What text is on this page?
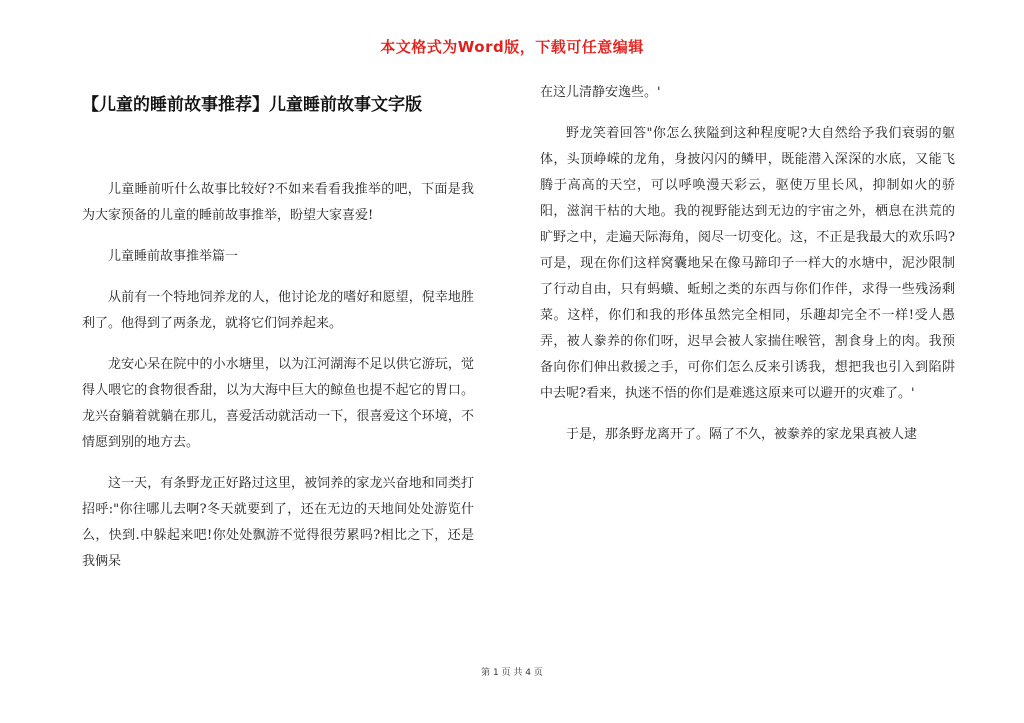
本文格式为Word版，下载可任意编辑
【儿童的睡前故事推荐】儿童睡前故事文字版

儿童睡前听什么故事比较好?不如来看看我推举的吧，下面是我为大家预备的儿童的睡前故事推举，盼望大家喜爱!

儿童睡前故事推举篇一

从前有一个特地饲养龙的人，他讨论龙的嗜好和愿望，倪幸地胜利了。他得到了两条龙，就将它们饲养起来。

龙安心呆在院中的小水塘里，以为江河湖海不足以供它游玩，觉得人喂它的食物很香甜，以为大海中巨大的鲸鱼也提不起它的胃口。龙兴奋躺着就躺在那儿，喜爱活动就活动一下，很喜爱这个环境，不情愿到别的地方去。

这一天，有条野龙正好路过这里，被饲养的家龙兴奋地和同类打招呼:"你往哪儿去啊?冬天就要到了，还在无边的天地间处处游览什么，快到.中躲起来吧!你处处飘游不觉得很劳累吗?相比之下，还是我俩呆

在这儿清静安逸些。'

野龙笑着回答"你怎么狭隘到这种程度呢?大自然给予我们衰弱的躯体，头顶峥嵘的龙角，身披闪闪的鳞甲，既能潜入深深的水底，又能飞腾于高高的天空，可以呼唤漫天彩云，驱使万里长风，抑制如火的骄阳，滋润干枯的大地。我的视野能达到无边的宇宙之外，栖息在洪荒的旷野之中，走遍天际海角，阅尽一切变化。这，不正是我最大的欢乐吗?可是，现在你们这样窝囊地呆在像马蹄印子一样大的水塘中，泥沙限制了行动自由，只有蚂蟥、蚯蚓之类的东西与你们作伴，求得一些残汤剩菜。这样，你们和我的形体虽然完全相同，乐趣却完全不一样!受人愚弄，被人豢养的你们呀，迟早会被人家揣住喉管，割食身上的肉。我预备向你们伸出救援之手，可你们怎么反来引诱我，想把我也引入到陷阱中去呢?看来，执迷不悟的你们是难逃这原来可以避开的灾难了。'

于是，那条野龙离开了。隔了不久，被豢养的家龙果真被人逮

第 1 页 共 4 页
